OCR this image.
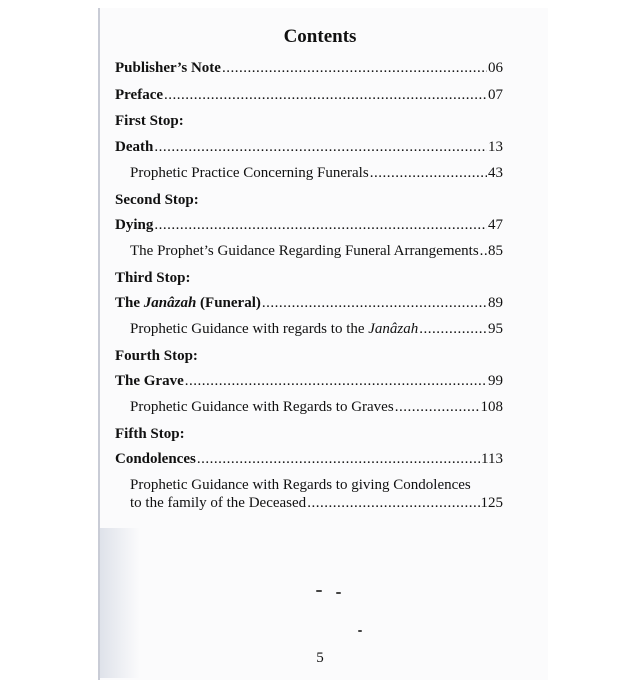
Contents
Publisher’s Note .....	06
Preface .....	07
First Stop:
Death .....	13
Prophetic Practice Concerning Funerals .....	43
Second Stop:
Dying .....	47
The Prophet’s Guidance Regarding Funeral Arrangements ..... 85
Third Stop:
The Janâzah (Funeral) .....	89
Prophetic Guidance with regards to the Janâzah .....	95
Fourth Stop:
The Grave .....	99
Prophetic Guidance with Regards to Graves .....	108
Fifth Stop:
Condolences .....	113
Prophetic Guidance with Regards to giving Condolences
to the family of the Deceased .....	125
5
